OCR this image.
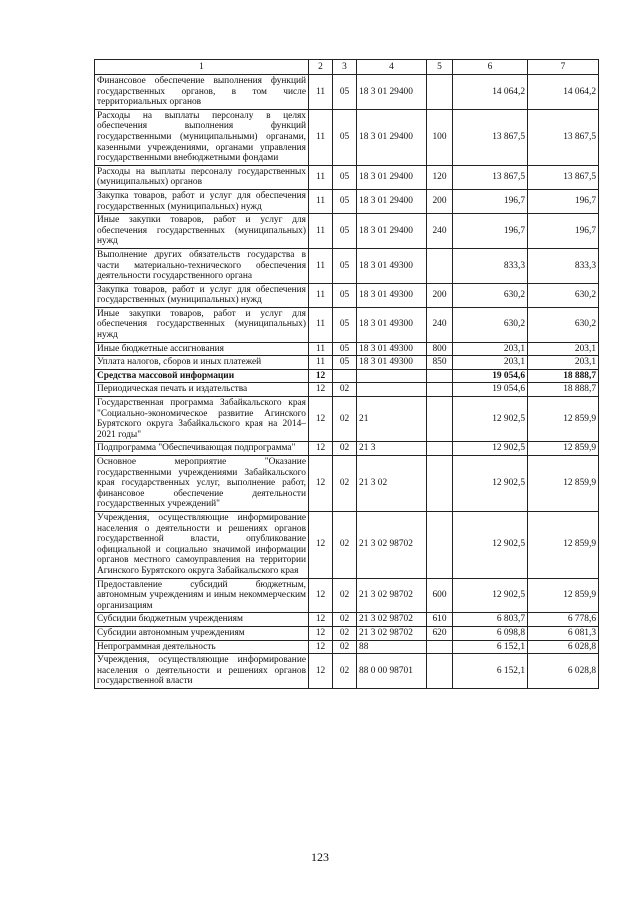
1	2	3	4	5	6	7
Финансовое обеспечение выполнения функций государственных органов, в том числе территориальных органов	11	05	18 3 01 29400		14 064,2	14 064,2
Расходы на выплаты персоналу в целях обеспечения выполнения функций государственными (муниципальными) органами, казенными учреждениями, органами управления государственными внебюджетными фондами	11	05	18 3 01 29400	100	13 867,5	13 867,5
Расходы на выплаты персоналу государственных (муниципальных) органов	11	05	18 3 01 29400	120	13 867,5	13 867,5
Закупка товаров, работ и услуг для обеспечения государственных (муниципальных) нужд	11	05	18 3 01 29400	200	196,7	196,7
Иные закупки товаров, работ и услуг для обеспечения государственных (муниципальных) нужд	11	05	18 3 01 29400	240	196,7	196,7
Выполнение других обязательств государства в части материально-технического обеспечения деятельности государственного органа	11	05	18 3 01 49300		833,3	833,3
Закупка товаров, работ и услуг для обеспечения государственных (муниципальных) нужд	11	05	18 3 01 49300	200	630,2	630,2
Иные закупки товаров, работ и услуг для обеспечения государственных (муниципальных) нужд	11	05	18 3 01 49300	240	630,2	630,2
Иные бюджетные ассигнования	11	05	18 3 01 49300	800	203,1	203,1
Уплата налогов, сборов и иных платежей	11	05	18 3 01 49300	850	203,1	203,1
Средства массовой информации	12				19 054,6	18 888,7
Периодическая печать и издательства	12	02			19 054,6	18 888,7
Государственная программа Забайкальского края "Социально-экономическое развитие Агинского Бурятского округа Забайкальского края на 2014–2021 годы"	12	02	21		12 902,5	12 859,9
Подпрограмма "Обеспечивающая подпрограмма"	12	02	21 3		12 902,5	12 859,9
Основное мероприятие "Оказание государственными учреждениями Забайкальского края государственных услуг, выполнение работ, финансовое обеспечение деятельности государственных учреждений"	12	02	21 3 02		12 902,5	12 859,9
Учреждения, осуществляющие информирование населения о деятельности и решениях органов государственной власти, опубликование официальной и социально значимой информации органов местного самоуправления на территории Агинского Бурятского округа Забайкальского края	12	02	21 3 02 98702		12 902,5	12 859,9
Предоставление субсидий бюджетным, автономным учреждениям и иным некоммерческим организациям	12	02	21 3 02 98702	600	12 902,5	12 859,9
Субсидии бюджетным учреждениям	12	02	21 3 02 98702	610	6 803,7	6 778,6
Субсидии автономным учреждениям	12	02	21 3 02 98702	620	6 098,8	6 081,3
Непрограммная деятельность	12	02	88		6 152,1	6 028,8
Учреждения, осуществляющие информирование населения о деятельности и решениях органов государственной власти	12	02	88 0 00 98701		6 152,1	6 028,8
123
